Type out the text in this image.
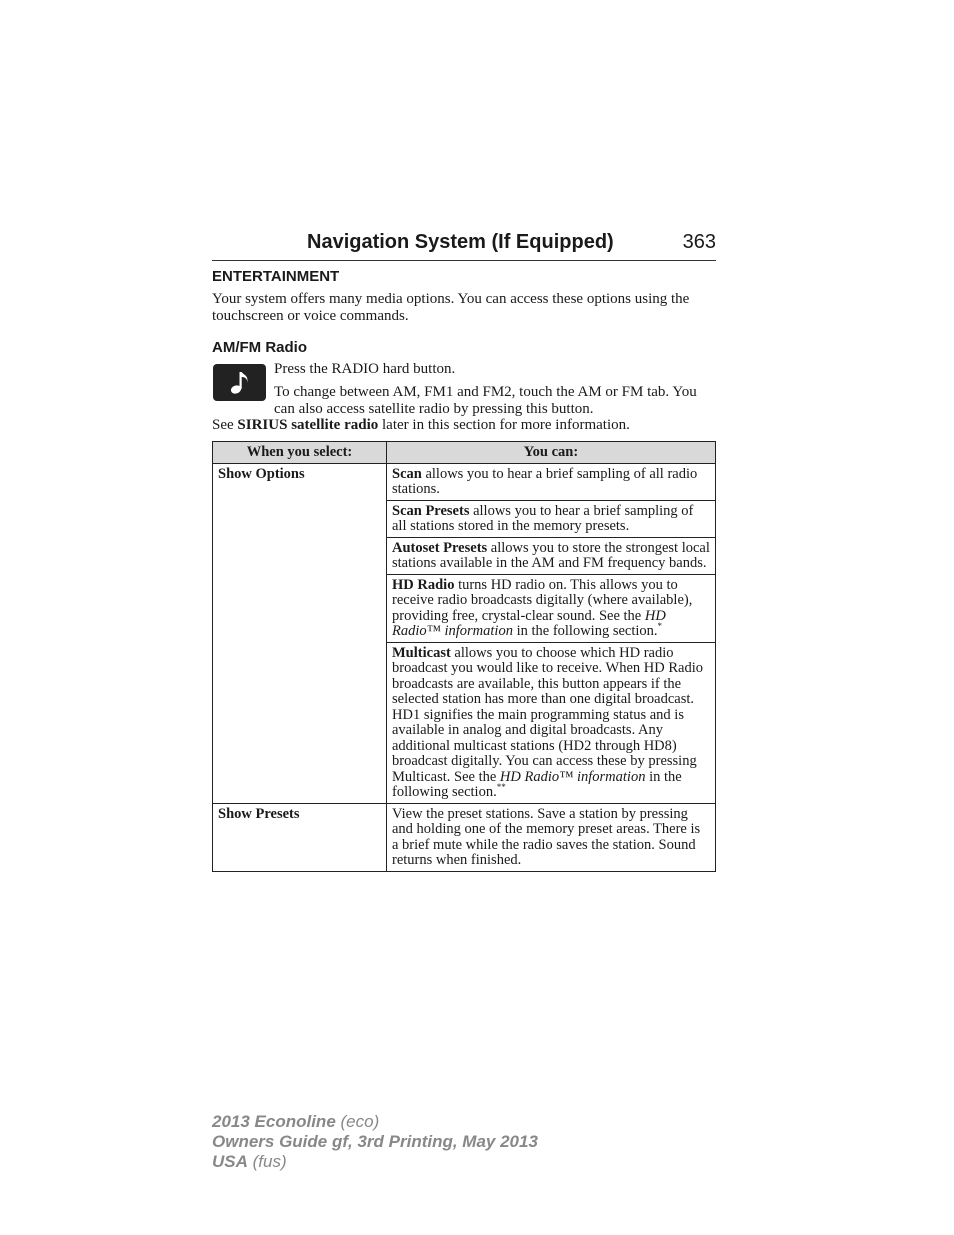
Navigation System (If Equipped)	363
ENTERTAINMENT
Your system offers many media options. You can access these options using the touchscreen or voice commands.
AM/FM Radio
Press the RADIO hard button.
To change between AM, FM1 and FM2, touch the AM or FM tab. You can also access satellite radio by pressing this button.
See SIRIUS satellite radio later in this section for more information.
When you select:	You can:
Show Options	Scan allows you to hear a brief sampling of all radio stations.
	Scan Presets allows you to hear a brief sampling of all stations stored in the memory presets.
	Autoset Presets allows you to store the strongest local stations available in the AM and FM frequency bands.
	HD Radio turns HD radio on. This allows you to receive radio broadcasts digitally (where available), providing free, crystal-clear sound. See the HD Radio™ information in the following section.*
	Multicast allows you to choose which HD radio broadcast you would like to receive. When HD Radio broadcasts are available, this button appears if the selected station has more than one digital broadcast. HD1 signifies the main programming status and is available in analog and digital broadcasts. Any additional multicast stations (HD2 through HD8) broadcast digitally. You can access these by pressing Multicast. See the HD Radio™ information in the following section.**
Show Presets	View the preset stations. Save a station by pressing and holding one of the memory preset areas. There is a brief mute while the radio saves the station. Sound returns when finished.
2013 Econoline (eco)
Owners Guide gf, 3rd Printing, May 2013
USA (fus)
